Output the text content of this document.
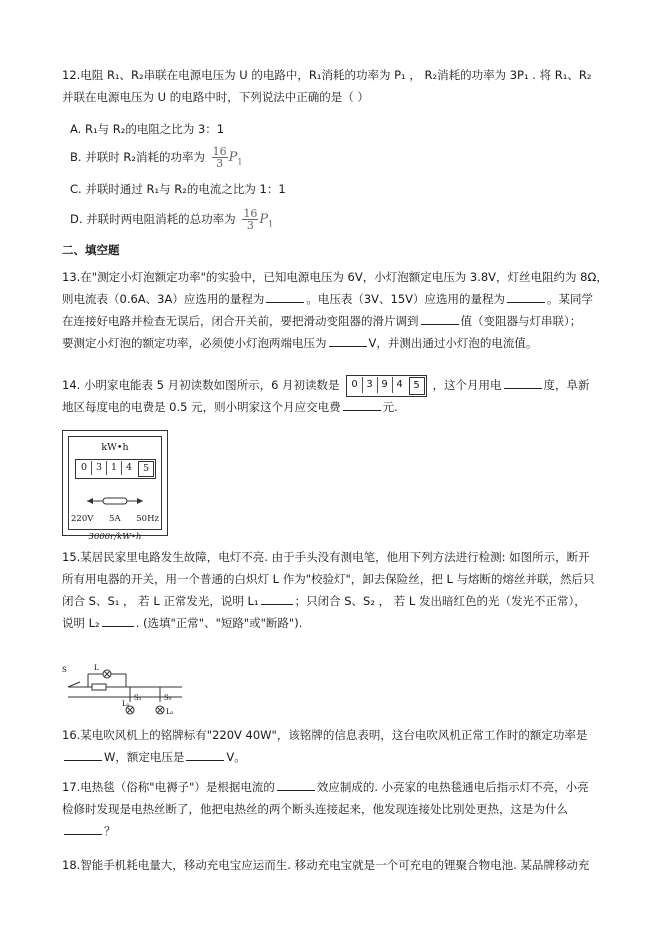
12.电阻 R₁、R₂串联在电源电压为 U 的电路中，R₁消耗的功率为 P₁ ， R₂消耗的功率为 3P₁ . 将 R₁、R₂
并联在电源电压为 U 的电路中时，下列说法中正确的是（ ）
A. R₁与 R₂的电阻之比为 3：1
B. 并联时 R₂消耗的功率为 $\frac{16}{3} P_1$
C. 并联时通过 R₁与 R₂的电流之比为 1：1
D. 并联时两电阻消耗的总功率为 $\frac{16}{3} P_1$
二、填空题
13.在"测定小灯泡额定功率"的实验中，已知电源电压为 6V，小灯泡额定电压为 3.8V，灯丝电阻约为 8Ω，
则电流表（0.6A、3A）应选用的量程为	。电压表（3V、15V）应选用的量程为	。某同学
在连接好电路并检查无误后，闭合开关前，要把滑动变阻器的滑片调到	值（变阻器与灯串联）；
要测定小灯泡的额定功率，必须使小灯泡两端电压为	V，并测出通过小灯泡的电流值。
14. 小明家电能表 5 月初读数如图所示，6 月初读数是	0 3 9 4	5	，这个月用电	度，阜新
地区每度电的电费是 0.5 元，则小明家这个月应交电费	元.
kW•h
0 3 1 4	5
220V 5A 50Hz
3000r/kW•h
15.某居民家里电路发生故障，电灯不亮. 由于手头没有测电笔，他用下列方法进行检测: 如图所示，断开
所有用电器的开关，用一个普通的白炽灯 L 作为"校验灯"，卸去保险丝，把 L 与熔断的熔丝并联，然后只
闭合 S、S₁ ， 若 L 正常发光，说明 L₁	；只闭合 S、S₂ ， 若 L 发出暗红色的光（发光不正常），
说明 L₂	. (选填"正常"、"短路"或"断路").
S	L
S₁
L₁
S₂
L₂
16.某电吹风机上的铭牌标有"220V 40W"，该铭牌的信息表明，这台电吹风机正常工作时的额定功率是
W，额定电压是	V。
17.电热毯（俗称"电褥子"）是根据电流的	效应制成的. 小亮家的电热毯通电后指示灯不亮，小亮
检修时发现是电热丝断了，他把电热丝的两个断头连接起来，他发现连接处比别处更热，这是为什么
？
18.智能手机耗电量大，移动充电宝应运而生. 移动充电宝就是一个可充电的锂聚合物电池. 某品牌移动充
